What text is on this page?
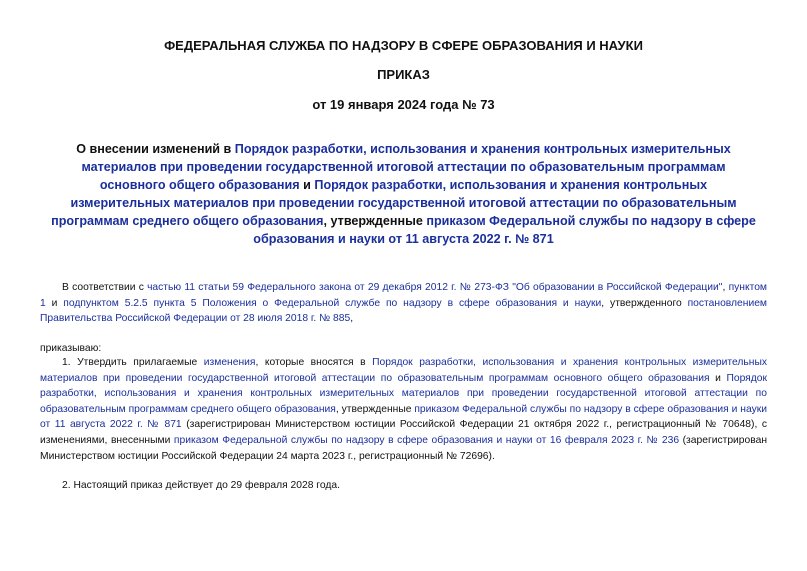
ФЕДЕРАЛЬНАЯ СЛУЖБА ПО НАДЗОРУ В СФЕРЕ ОБРАЗОВАНИЯ И НАУКИ
ПРИКАЗ
от 19 января 2024 года № 73
О внесении изменений в Порядок разработки, использования и хранения контрольных измерительных материалов при проведении государственной итоговой аттестации по образовательным программам основного общего образования и Порядок разработки, использования и хранения контрольных измерительных материалов при проведении государственной итоговой аттестации по образовательным программам среднего общего образования, утвержденные приказом Федеральной службы по надзору в сфере образования и науки от 11 августа 2022 г. № 871
В соответствии с частью 11 статьи 59 Федерального закона от 29 декабря 2012 г. № 273-ФЗ "Об образовании в Российской Федерации", пунктом 1 и подпунктом 5.2.5 пункта 5 Положения о Федеральной службе по надзору в сфере образования и науки, утвержденного постановлением Правительства Российской Федерации от 28 июля 2018 г. № 885,
приказываю:
1. Утвердить прилагаемые изменения, которые вносятся в Порядок разработки, использования и хранения контрольных измерительных материалов при проведении государственной итоговой аттестации по образовательным программам основного общего образования и Порядок разработки, использования и хранения контрольных измерительных материалов при проведении государственной итоговой аттестации по образовательным программам среднего общего образования, утвержденные приказом Федеральной службы по надзору в сфере образования и науки от 11 августа 2022 г. № 871 (зарегистрирован Министерством юстиции Российской Федерации 21 октября 2022 г., регистрационный № 70648), с изменениями, внесенными приказом Федеральной службы по надзору в сфере образования и науки от 16 февраля 2023 г. № 236 (зарегистрирован Министерством юстиции Российской Федерации 24 марта 2023 г., регистрационный № 72696).
2. Настоящий приказ действует до 29 февраля 2028 года.
